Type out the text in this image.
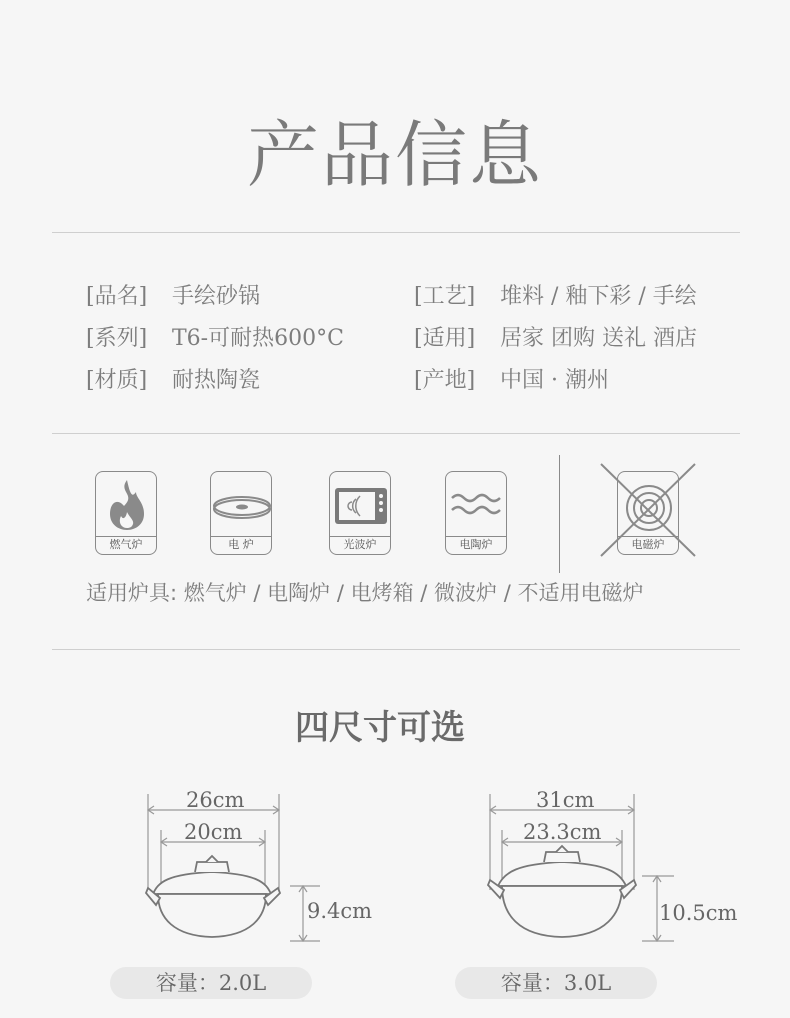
产品信息
[品名] 手绘砂锅
[系列] T6-可耐热600°C
[材质] 耐热陶瓷
[工艺] 堆料 / 釉下彩 / 手绘
[适用] 居家 团购 送礼 酒店
[产地] 中国 · 潮州
燃气炉	电 炉	光波炉	电陶炉	电磁炉
适用炉具: 燃气炉 / 电陶炉 / 电烤箱 / 微波炉 / 不适用电磁炉
四尺寸可选
26cm
20cm
9.4cm
容量：2.0L
31cm
23.3cm
10.5cm
容量：3.0L
